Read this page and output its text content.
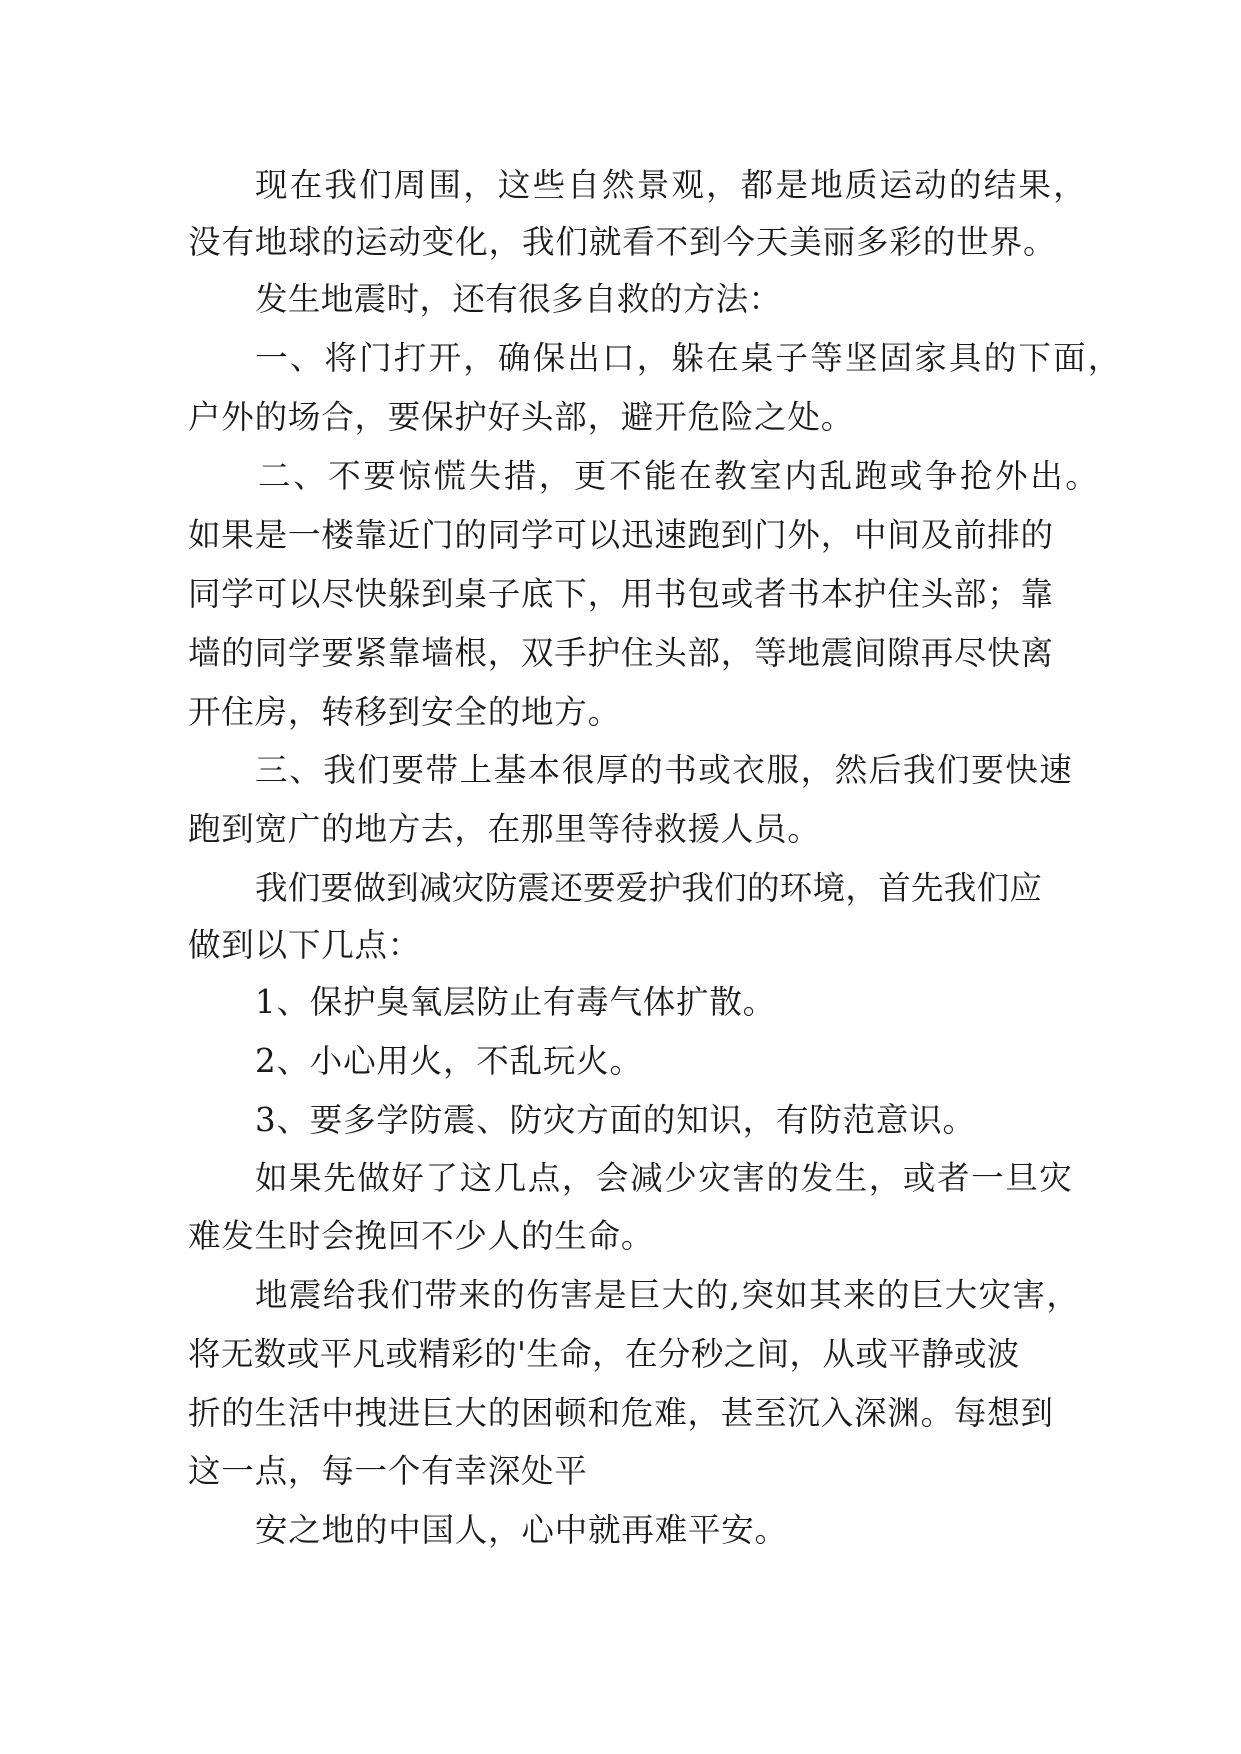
现在我们周围，这些自然景观，都是地质运动的结果，
没有地球的运动变化，我们就看不到今天美丽多彩的世界。
发生地震时，还有很多自救的方法：
一、将门打开，确保出口，躲在桌子等坚固家具的下面，
户外的场合，要保护好头部，避开危险之处。
二、不要惊慌失措，更不能在教室内乱跑或争抢外出。
如果是一楼靠近门的同学可以迅速跑到门外，中间及前排的
同学可以尽快躲到桌子底下，用书包或者书本护住头部；靠
墙的同学要紧靠墙根，双手护住头部，等地震间隙再尽快离
开住房，转移到安全的地方。
三、我们要带上基本很厚的书或衣服，然后我们要快速
跑到宽广的地方去，在那里等待救援人员。
我们要做到减灾防震还要爱护我们的环境，首先我们应
做到以下几点：
1、保护臭氧层防止有毒气体扩散。
2、小心用火，不乱玩火。
3、要多学防震、防灾方面的知识，有防范意识。
如果先做好了这几点，会减少灾害的发生，或者一旦灾
难发生时会挽回不少人的生命。
地震给我们带来的伤害是巨大的,突如其来的巨大灾害，
将无数或平凡或精彩的'生命，在分秒之间，从或平静或波
折的生活中拽进巨大的困顿和危难，甚至沉入深渊。每想到
这一点，每一个有幸深处平
安之地的中国人，心中就再难平安。
